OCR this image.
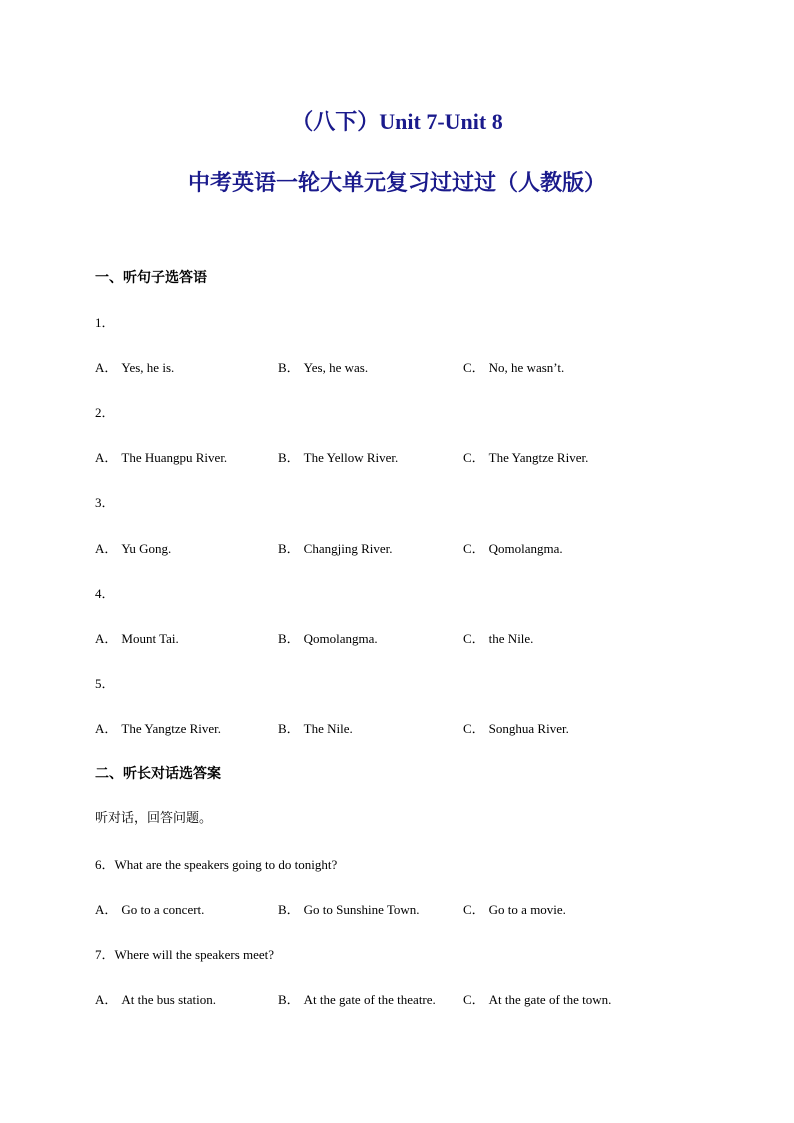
（八下）Unit 7-Unit 8
中考英语一轮大单元复习过过过（人教版）
一、听句子选答语
1．
A． Yes, he is.	B． Yes, he was.	C． No, he wasn’t.
2．
A． The Huangpu River.	B． The Yellow River.	C． The Yangtze River.
3．
A． Yu Gong.	B． Changjing River.	C． Qomolangma.
4．
A． Mount Tai.	B． Qomolangma.	C． the Nile.
5．
A． The Yangtze River.	B． The Nile.	C． Songhua River.
二、听长对话选答案
听对话，回答问题。
6．What are the speakers going to do tonight?
A． Go to a concert.	B． Go to Sunshine Town.	C． Go to a movie.
7．Where will the speakers meet?
A． At the bus station.	B． At the gate of the theatre. C． At the gate of the town.
